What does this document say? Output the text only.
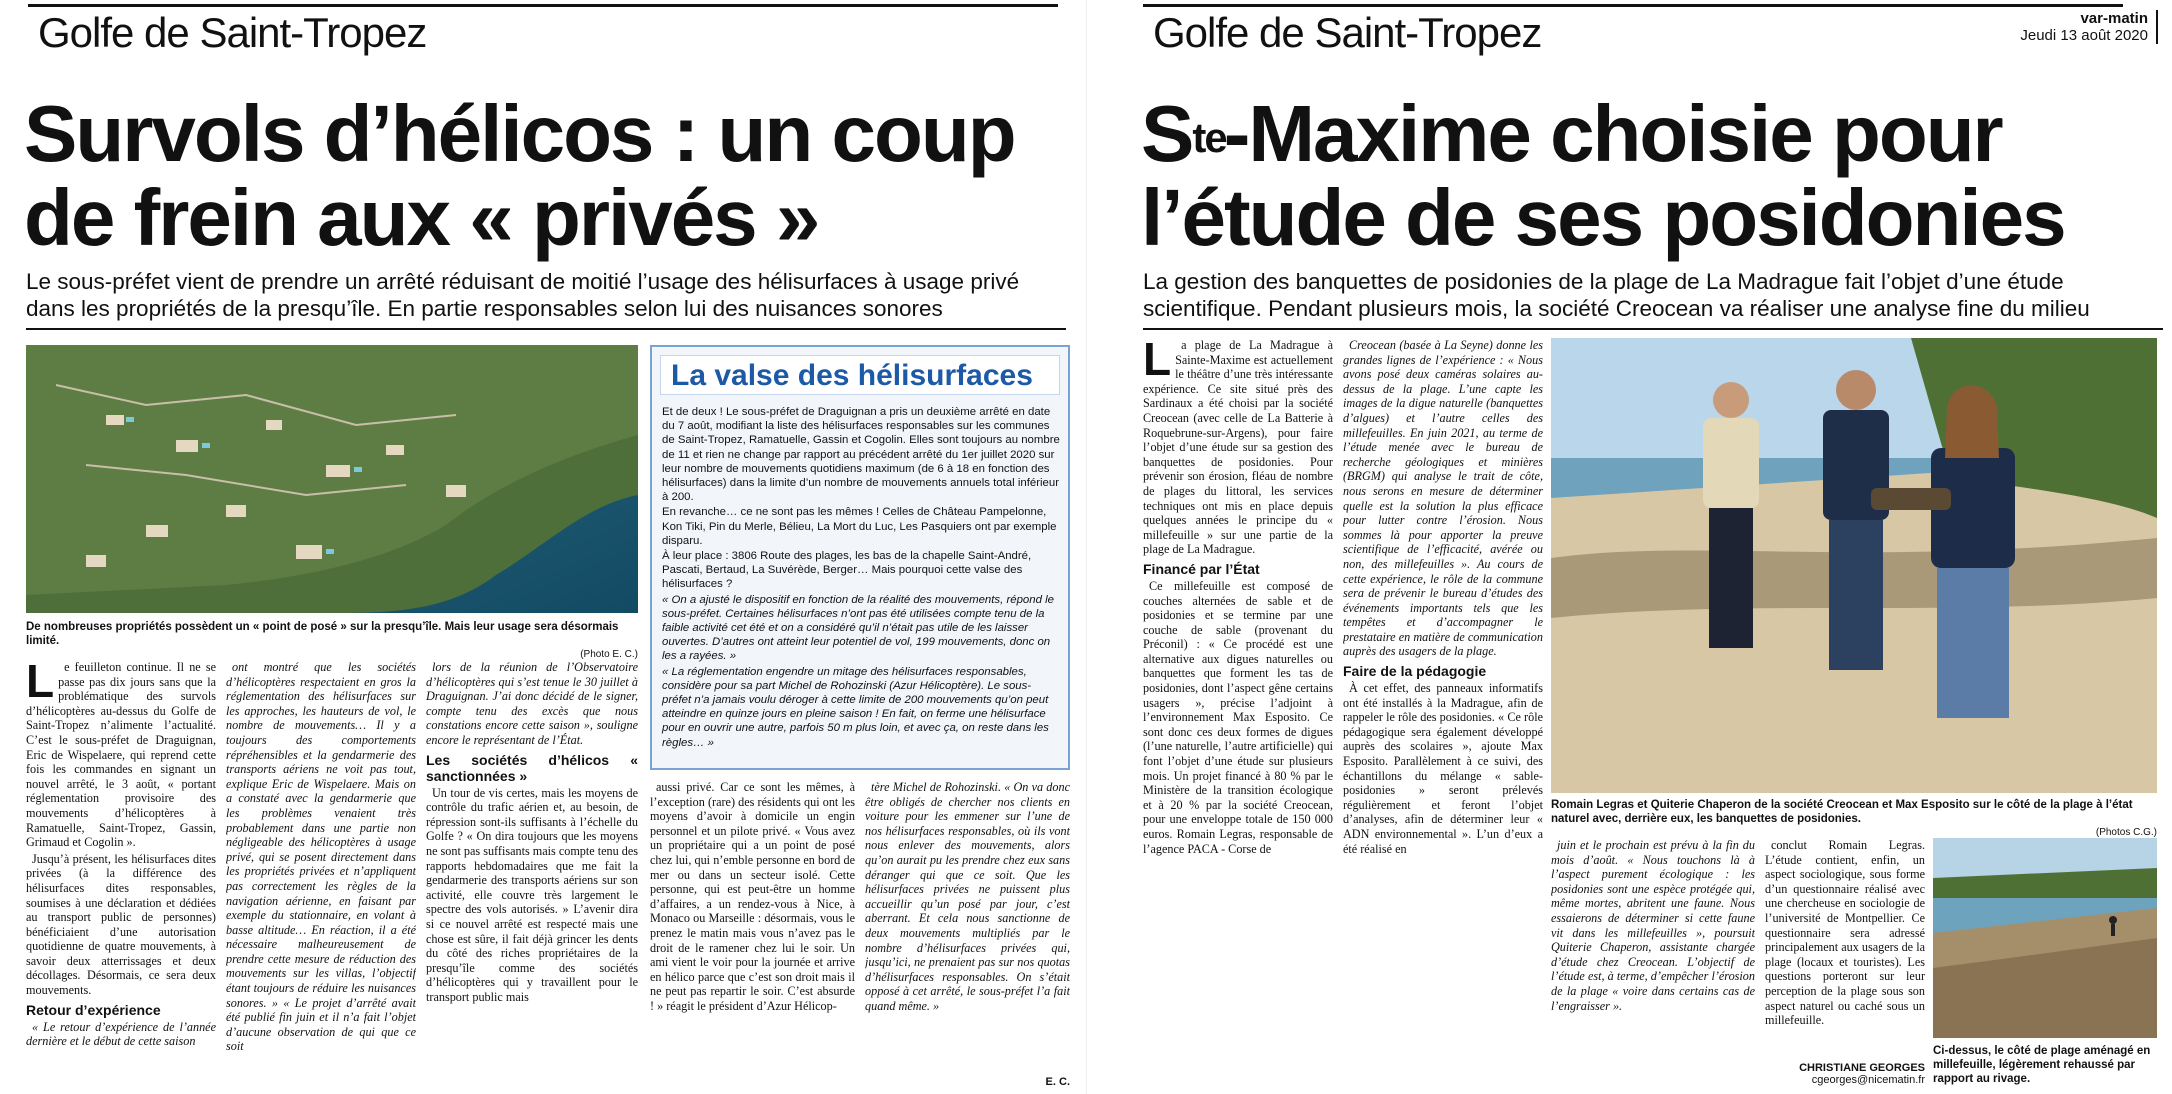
Golfe de Saint-Tropez
Survols d’hélicos : un coup de frein aux « privés »
Le sous-préfet vient de prendre un arrêté réduisant de moitié l’usage des hélisurfaces à usage privé dans les propriétés de la presqu’île. En partie responsables selon lui des nuisances sonores
De nombreuses propriétés possèdent un « point de posé » sur la presqu’île. Mais leur usage sera désormais limité.
(Photo E. C.)
La valse des hélisurfaces

Et de deux ! Le sous-préfet de Draguignan a pris un deuxième arrêté en date du 7 août, modifiant la liste des hélisurfaces responsables sur les communes de Saint-Tropez, Ramatuelle, Gassin et Cogolin. Elles sont toujours au nombre de 11 et rien ne change par rapport au précédent arrêté du 1er juillet 2020 sur leur nombre de mouvements quotidiens maximum (de 6 à 18 en fonction des hélisurfaces) dans la limite d’un nombre de mouvements annuels total inférieur à 200.

En revanche… ce ne sont pas les mêmes ! Celles de Château Pampelonne, Kon Tiki, Pin du Merle, Bélieu, La Mort du Luc, Les Pasquiers ont par exemple disparu.

À leur place : 3806 Route des plages, les bas de la chapelle Saint-André, Pascati, Bertaud, La Suvérède, Berger… Mais pourquoi cette valse des hélisurfaces ?

« On a ajusté le dispositif en fonction de la réalité des mouvements, répond le sous-préfet. Certaines hélisurfaces n’ont pas été utilisées compte tenu de la faible activité cet été et on a considéré qu’il n’était pas utile de les laisser ouvertes. D’autres ont atteint leur potentiel de vol, 199 mouvements, donc on les a rayées. »

« La réglementation engendre un mitage des hélisurfaces responsables, considère pour sa part Michel de Rohozinski (Azur Hélicoptère). Le sous-préfet n’a jamais voulu déroger à cette limite de 200 mouvements qu’on peut atteindre en quinze jours en pleine saison ! En fait, on ferme une hélisurface pour en ouvrir une autre, parfois 50 m plus loin, et avec ça, on reste dans les règles… »

L e feuilleton continue. Il ne se passe pas dix jours sans que la problématique des survols d’hélicoptères au-dessus du Golfe de Saint-Tropez n’alimente l’actualité. C’est le sous-préfet de Draguignan, Eric de Wispelaere, qui reprend cette fois les commandes en signant un nouvel arrêté, le 3 août, « portant réglementation provisoire des mouvements d’hélicoptères à Ramatuelle, Saint-Tropez, Gassin, Grimaud et Cogolin ».

Jusqu’à présent, les hélisurfaces dites privées (à la différence des hélisurfaces dites responsables, soumises à une déclaration et dédiées au transport public de personnes) bénéficiaient d’une autorisation quotidienne de quatre mouvements, à savoir deux atterrissages et deux décollages. Désormais, ce sera deux mouvements.

Retour d’expérience

« Le retour d’expérience de l’année dernière et le début de cette saison

ont montré que les sociétés d’hélicoptères respectaient en gros la réglementation des hélisurfaces sur les approches, les hauteurs de vol, le nombre de mouvements… Il y a toujours des comportements répréhensibles et la gendarmerie des transports aériens ne voit pas tout, explique Eric de Wispelaere. Mais on a constaté avec la gendarmerie que les problèmes venaient très probablement dans une partie non négligeable des hélicoptères à usage privé, qui se posent directement dans les propriétés privées et n’appliquent pas correctement les règles de la navigation aérienne, en faisant par exemple du stationnaire, en volant à basse altitude… En réaction, il a été nécessaire malheureusement de prendre cette mesure de réduction des mouvements sur les villas, l’objectif étant toujours de réduire les nuisances sonores. » « Le projet d’arrêté avait été publié fin juin et il n’a fait l’objet d’aucune observation de qui que ce soit

lors de la réunion de l’Observatoire d’hélicoptères qui s’est tenue le 30 juillet à Draguignan. J’ai donc décidé de le signer, compte tenu des excès que nous constations encore cette saison », souligne encore le représentant de l’État.

Les sociétés d’hélicos « sanctionnées »

Un tour de vis certes, mais les moyens de contrôle du trafic aérien et, au besoin, de répression sont-ils suffisants à l’échelle du Golfe ? « On dira toujours que les moyens ne sont pas suffisants mais compte tenu des rapports hebdomadaires que me fait la gendarmerie des transports aériens sur son activité, elle couvre très largement le spectre des vols autorisés. » L’avenir dira si ce nouvel arrêté est respecté mais une chose est sûre, il fait déjà grincer les dents du côté des riches propriétaires de la presqu’île comme des sociétés d’hélicoptères qui y travaillent pour le transport public mais

aussi privé. Car ce sont les mêmes, à l’exception (rare) des résidents qui ont les moyens d’avoir à domicile un engin personnel et un pilote privé. « Vous avez un propriétaire qui a un point de posé chez lui, qui n’emble personne en bord de mer ou dans un secteur isolé. Cette personne, qui est peut-être un homme d’affaires, a un rendez-vous à Nice, à Monaco ou Marseille : désormais, vous le prenez le matin mais vous n’avez pas le droit de le ramener chez lui le soir. Un ami vient le voir pour la journée et arrive en hélico parce que c’est son droit mais il ne peut pas repartir le soir. C’est absurde ! » réagit le président d’Azur Hélicop-

tère Michel de Rohozinski. « On va donc être obligés de chercher nos clients en voiture pour les emmener sur l’une de nos hélisurfaces responsables, où ils vont nous enlever des mouvements, alors qu’on aurait pu les prendre chez eux sans déranger qui que ce soit. Que les hélisurfaces privées ne puissent plus accueillir qu’un posé par jour, c’est aberrant. Et cela nous sanctionne de deux mouvements multipliés par le nombre d’hélisurfaces privées qui, jusqu’ici, ne prenaient pas sur nos quotas d’hélisurfaces responsables. On s’était opposé à cet arrêté, le sous-préfet l’a fait quand même. »

E. C.
Golfe de Saint-Tropez	var-matin
Jeudi 13 août 2020
$S^{te}$-Maxime choisie pour l’étude de ses posidonies
La gestion des banquettes de posidonies de la plage de La Madrague fait l’objet d’une étude scientifique. Pendant plusieurs mois, la société Creocean va réaliser une analyse fine du milieu
L a plage de La Madrague à Sainte-Maxime est actuellement le théâtre d’une très intéressante expérience. Ce site situé près des Sardinaux a été choisi par la société Creocean (avec celle de La Batterie à Roquebrune-sur-Argens), pour faire l’objet d’une étude sur sa gestion des banquettes de posidonies. Pour prévenir son érosion, fléau de nombre de plages du littoral, les services techniques ont mis en place depuis quelques années le principe du « millefeuille » sur une partie de la plage de La Madrague.

Financé par l’État

Ce millefeuille est composé de couches alternées de sable et de posidonies et se termine par une couche de sable (provenant du Préconil) : « Ce procédé est une alternative aux digues naturelles ou banquettes que forment les tas de posidonies, dont l’aspect gêne certains usagers », précise l’adjoint à l’environnement Max Esposito. Ce sont donc ces deux formes de digues (l’une naturelle, l’autre artificielle) qui font l’objet d’une étude sur plusieurs mois. Un projet financé à 80 % par le Ministère de la transition écologique et à 20 % par la société Creocean, pour une enveloppe totale de 150 000 euros. Romain Legras, responsable de l’agence PACA - Corse de

Creocean (basée à La Seyne) donne les grandes lignes de l’expérience : « Nous avons posé deux caméras solaires au-dessus de la plage. L’une capte les images de la digue naturelle (banquettes d’algues) et l’autre celles des millefeuilles. En juin 2021, au terme de l’étude menée avec le bureau de recherche géologiques et minières (BRGM) qui analyse le trait de côte, nous serons en mesure de déterminer quelle est la solution la plus efficace pour lutter contre l’érosion. Nous sommes là pour apporter la preuve scientifique de l’efficacité, avérée ou non, des millefeuilles ». Au cours de cette expérience, le rôle de la commune sera de prévenir le bureau d’études des événements importants tels que les tempêtes et d’accompagner le prestataire en matière de communication auprès des usagers de la plage.

Faire de la pédagogie

À cet effet, des panneaux informatifs ont été installés à la Madrague, afin de rappeler le rôle des posidonies. « Ce rôle pédagogique sera également développé auprès des scolaires », ajoute Max Esposito. Parallèlement à ce suivi, des échantillons du mélange « sable-posidonies » seront prélevés régulièrement et feront l’objet d’analyses, afin de déterminer leur « ADN environnemental ». L’un d’eux a été réalisé en

Romain Legras et Quiterie Chaperon de la société Creocean et Max Esposito sur le côté de la plage à l’état naturel avec, derrière eux, les banquettes de posidonies.
(Photos C.G.)

juin et le prochain est prévu à la fin du mois d’août. « Nous touchons là à l’aspect purement écologique : les posidonies sont une espèce protégée qui, même mortes, abritent une faune. Nous essaierons de déterminer si cette faune vit dans les millefeuilles », poursuit Quiterie Chaperon, assistante chargée d’étude chez Creocean. L’objectif de l’étude est, à terme, d’empêcher l’érosion de la plage « voire dans certains cas de l’engraisser ».

conclut Romain Legras. L’étude contient, enfin, un aspect sociologique, sous forme d’un questionnaire réalisé avec une chercheuse en sociologie de l’université de Montpellier. Ce questionnaire sera adressé principalement aux usagers de la plage (locaux et touristes). Les questions porteront sur leur perception de la plage sous son aspect naturel ou caché sous un millefeuille.

CHRISTIANE GEORGES
cgeorges@nicematin.fr
Ci-dessus, le côté de plage aménagé en millefeuille, légèrement rehaussé par rapport au rivage.
